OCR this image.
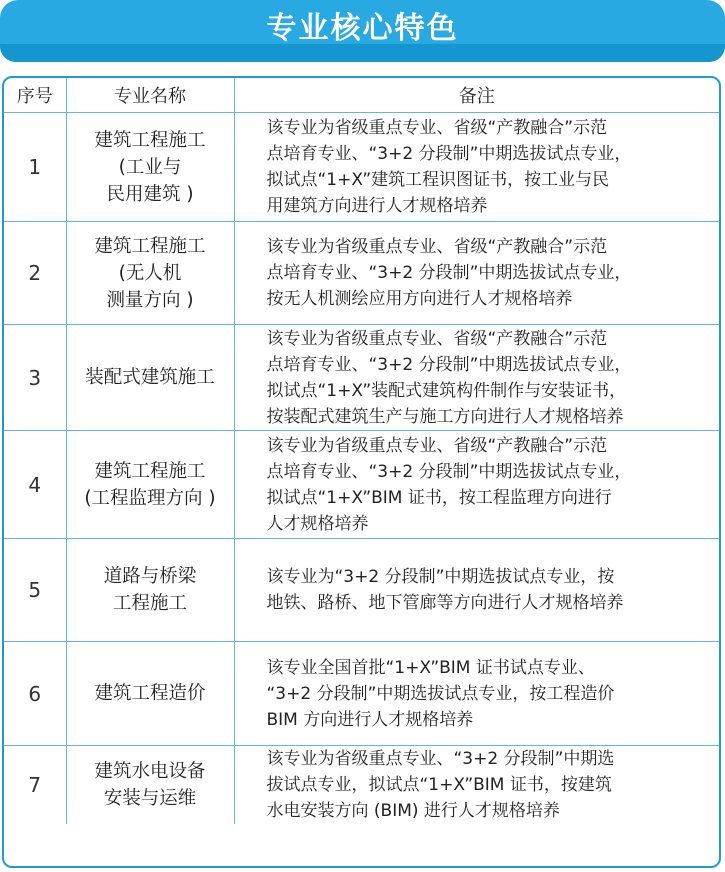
专业核心特色
序号	专业名称	备注
1	建筑工程施工
(工业与
民用建筑 )	该专业为省级重点专业、省级“产教融合”示范
点培育专业、“3+2 分段制”中期选拔试点专业，
拟试点“1+X”建筑工程识图证书，按工业与民
用建筑方向进行人才规格培养

2	建筑工程施工
(无人机
测量方向 )	该专业为省级重点专业、省级“产教融合”示范
点培育专业、“3+2 分段制”中期选拔试点专业，
按无人机测绘应用方向进行人才规格培养

3	装配式建筑施工	该专业为省级重点专业、省级“产教融合”示范
点培育专业、“3+2 分段制”中期选拔试点专业，
拟试点“1+X”装配式建筑构件制作与安装证书，
按装配式建筑生产与施工方向进行人才规格培养

4	建筑工程施工
(工程监理方向 )	该专业为省级重点专业、省级“产教融合”示范
点培育专业、“3+2 分段制”中期选拔试点专业，
拟试点“1+X”BIM 证书，按工程监理方向进行
人才规格培养

5	道路与桥梁
工程施工	该专业为“3+2 分段制”中期选拔试点专业，按
地铁、路桥、地下管廊等方向进行人才规格培养

6	建筑工程造价	该专业全国首批“1+X”BIM 证书试点专业、
“3+2 分段制”中期选拔试点专业，按工程造价
BIM 方向进行人才规格培养

7	建筑水电设备
安装与运维	该专业为省级重点专业、“3+2 分段制”中期选
拔试点专业，拟试点“1+X”BIM 证书，按建筑
水电安装方向 (BIM) 进行人才规格培养
